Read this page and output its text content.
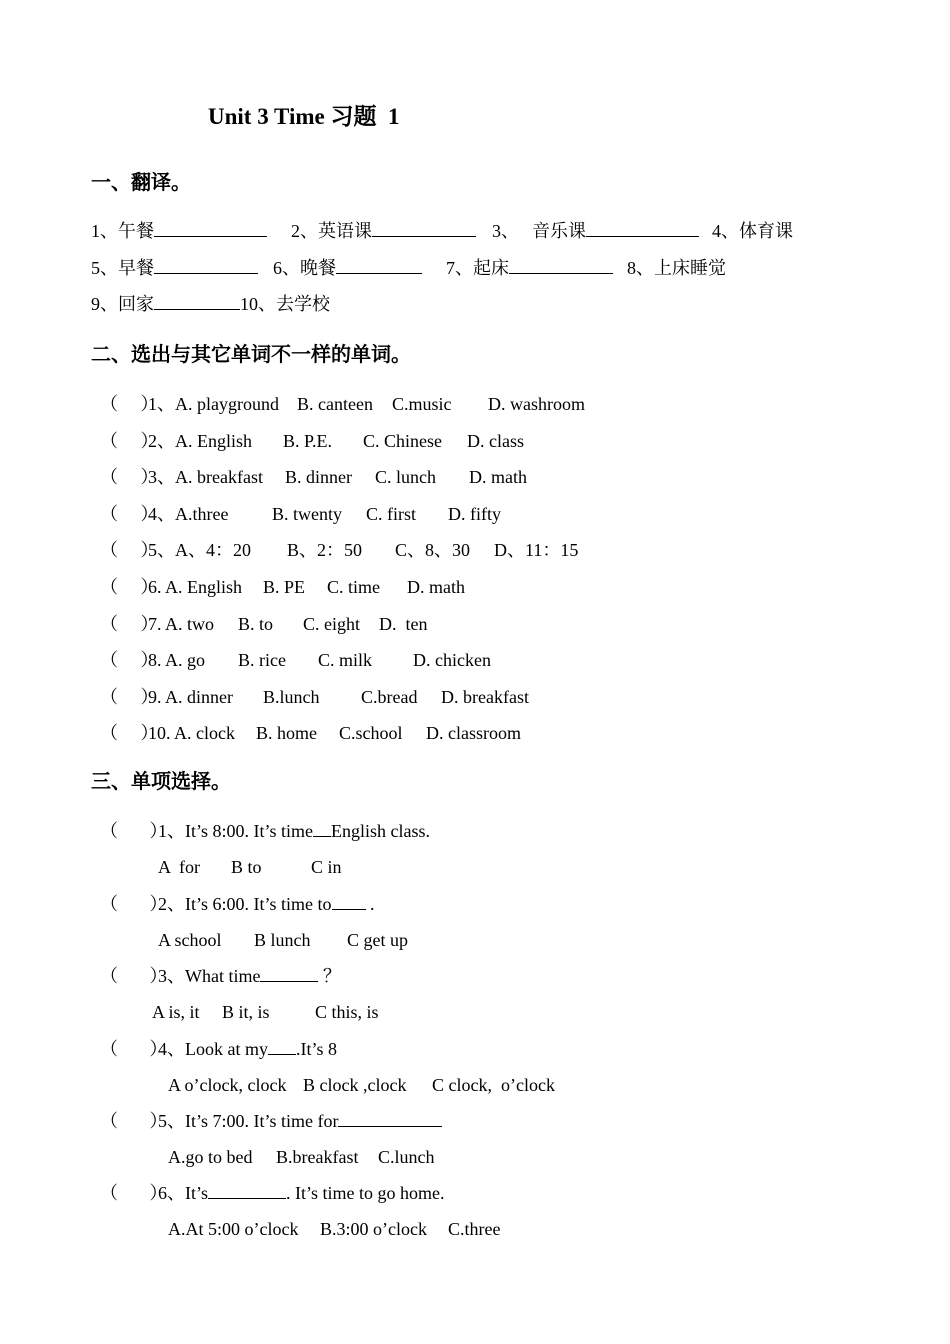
Unit 3 Time 习题  1
一、翻译。
1、午餐	2、英语课	3、 音乐课	4、体育课
5、早餐	6、晚餐	7、起床	8、上床睡觉
9、回家	10、去学校
二、选出与其它单词不一样的单词。
（     ）
1、A. playground B. canteen C.music D. washroom
（     ）
2、A. English B. P.E. C. Chinese D. class
（     ）
3、A. breakfast B. dinner C. lunch D. math
（     ）
4、A.three B. twenty C. first D. fifty
（     ）
5、A、4：20 B、2：50 C、8、30 D、11：15
（     ）
6. A. English B. PE C. time D. math
（     ）
7. A. two B. to C. eight D.  ten
（     ）
8. A. go B. rice C. milk D. chicken
（     ）
9. A. dinner B.lunch C.bread D. breakfast
（     ）
10. A. clock B. home C.school D. classroom
三、单项选择。
（       ）
1、It’s 8:00. It’s time English class.
A  for B to	C in
（       ）
2、It’s 6:00. It’s time to .
A school B lunch C get up
（       ）
3、What time	？
A is, it B it, is	C this, is
（       ）
4、Look at my .It’s 8
A o’clock, clock B clock ,clock C clock,  o’clock
（       ）
5、It’s 7:00. It’s time for
A.go to bed B.breakfast C.lunch
（       ）
6、It’s	. It’s time to go home.
A.At 5:00 o’clock B.3:00 o’clock C.three
